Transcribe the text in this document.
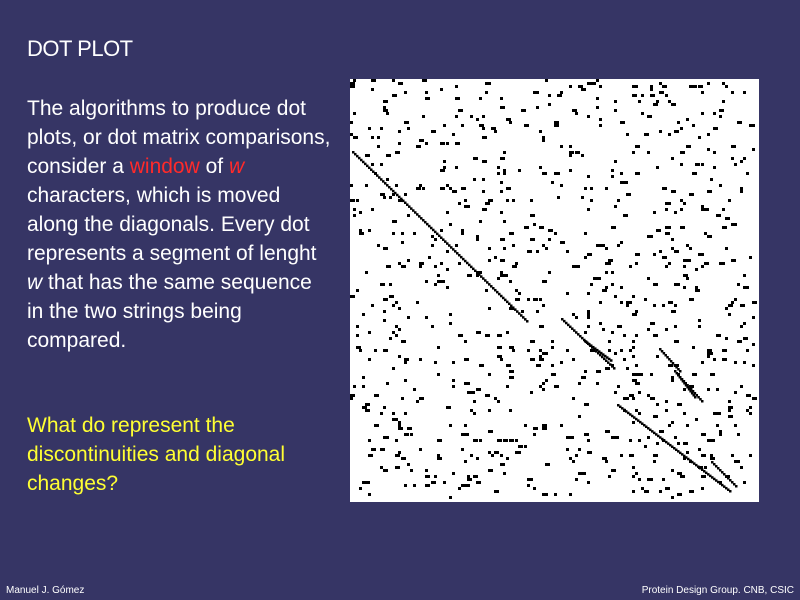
DOT PLOT

The algorithms to produce dot plots, or dot matrix comparisons, consider a window of w characters, which is moved along the diagonals. Every dot represents a segment of lenght w that has the same sequence in the two strings being compared.

What do represent the discontinuities and diagonal changes?

Manuel J. Gómez	Protein Design Group. CNB, CSIC
